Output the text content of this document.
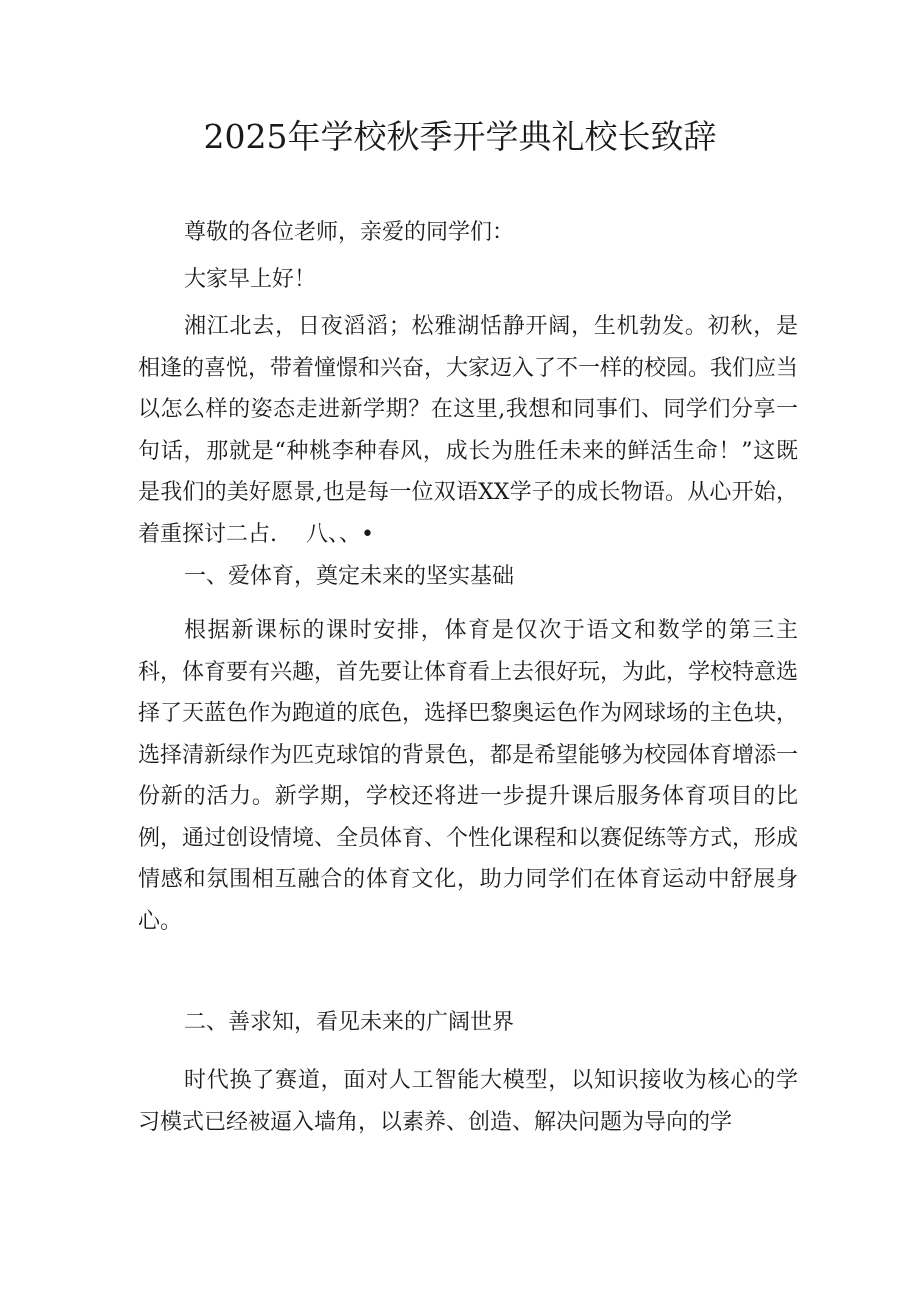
2025年学校秋季开学典礼校长致辞

尊敬的各位老师，亲爱的同学们：

大家早上好！

湘江北去，日夜滔滔；松雅湖恬静开阔，生机勃发。初秋，是相逢的喜悦，带着憧憬和兴奋，大家迈入了不一样的校园。我们应当以怎么样的姿态走进新学期？在这里,我想和同事们、同学们分享一句话，那就是“种桃李种春风，成长为胜任未来的鲜活生命！”这既是我们的美好愿景,也是每一位双语XX学子的成长物语。从心开始，着重探讨二占.　 八、、•

一、爱体育，奠定未来的坚实基础

根据新课标的课时安排，体育是仅次于语文和数学的第三主科，体育要有兴趣，首先要让体育看上去很好玩，为此，学校特意选择了天蓝色作为跑道的底色，选择巴黎奥运色作为网球场的主色块，选择清新绿作为匹克球馆的背景色，都是希望能够为校园体育增添一份新的活力。新学期，学校还将进一步提升课后服务体育项目的比例，通过创设情境、全员体育、个性化课程和以赛促练等方式，形成情感和氛围相互融合的体育文化，助力同学们在体育运动中舒展身心。

二、善求知，看见未来的广阔世界

时代换了赛道，面对人工智能大模型，以知识接收为核心的学习模式已经被逼入墙角，以素养、创造、解决问题为导向的学
